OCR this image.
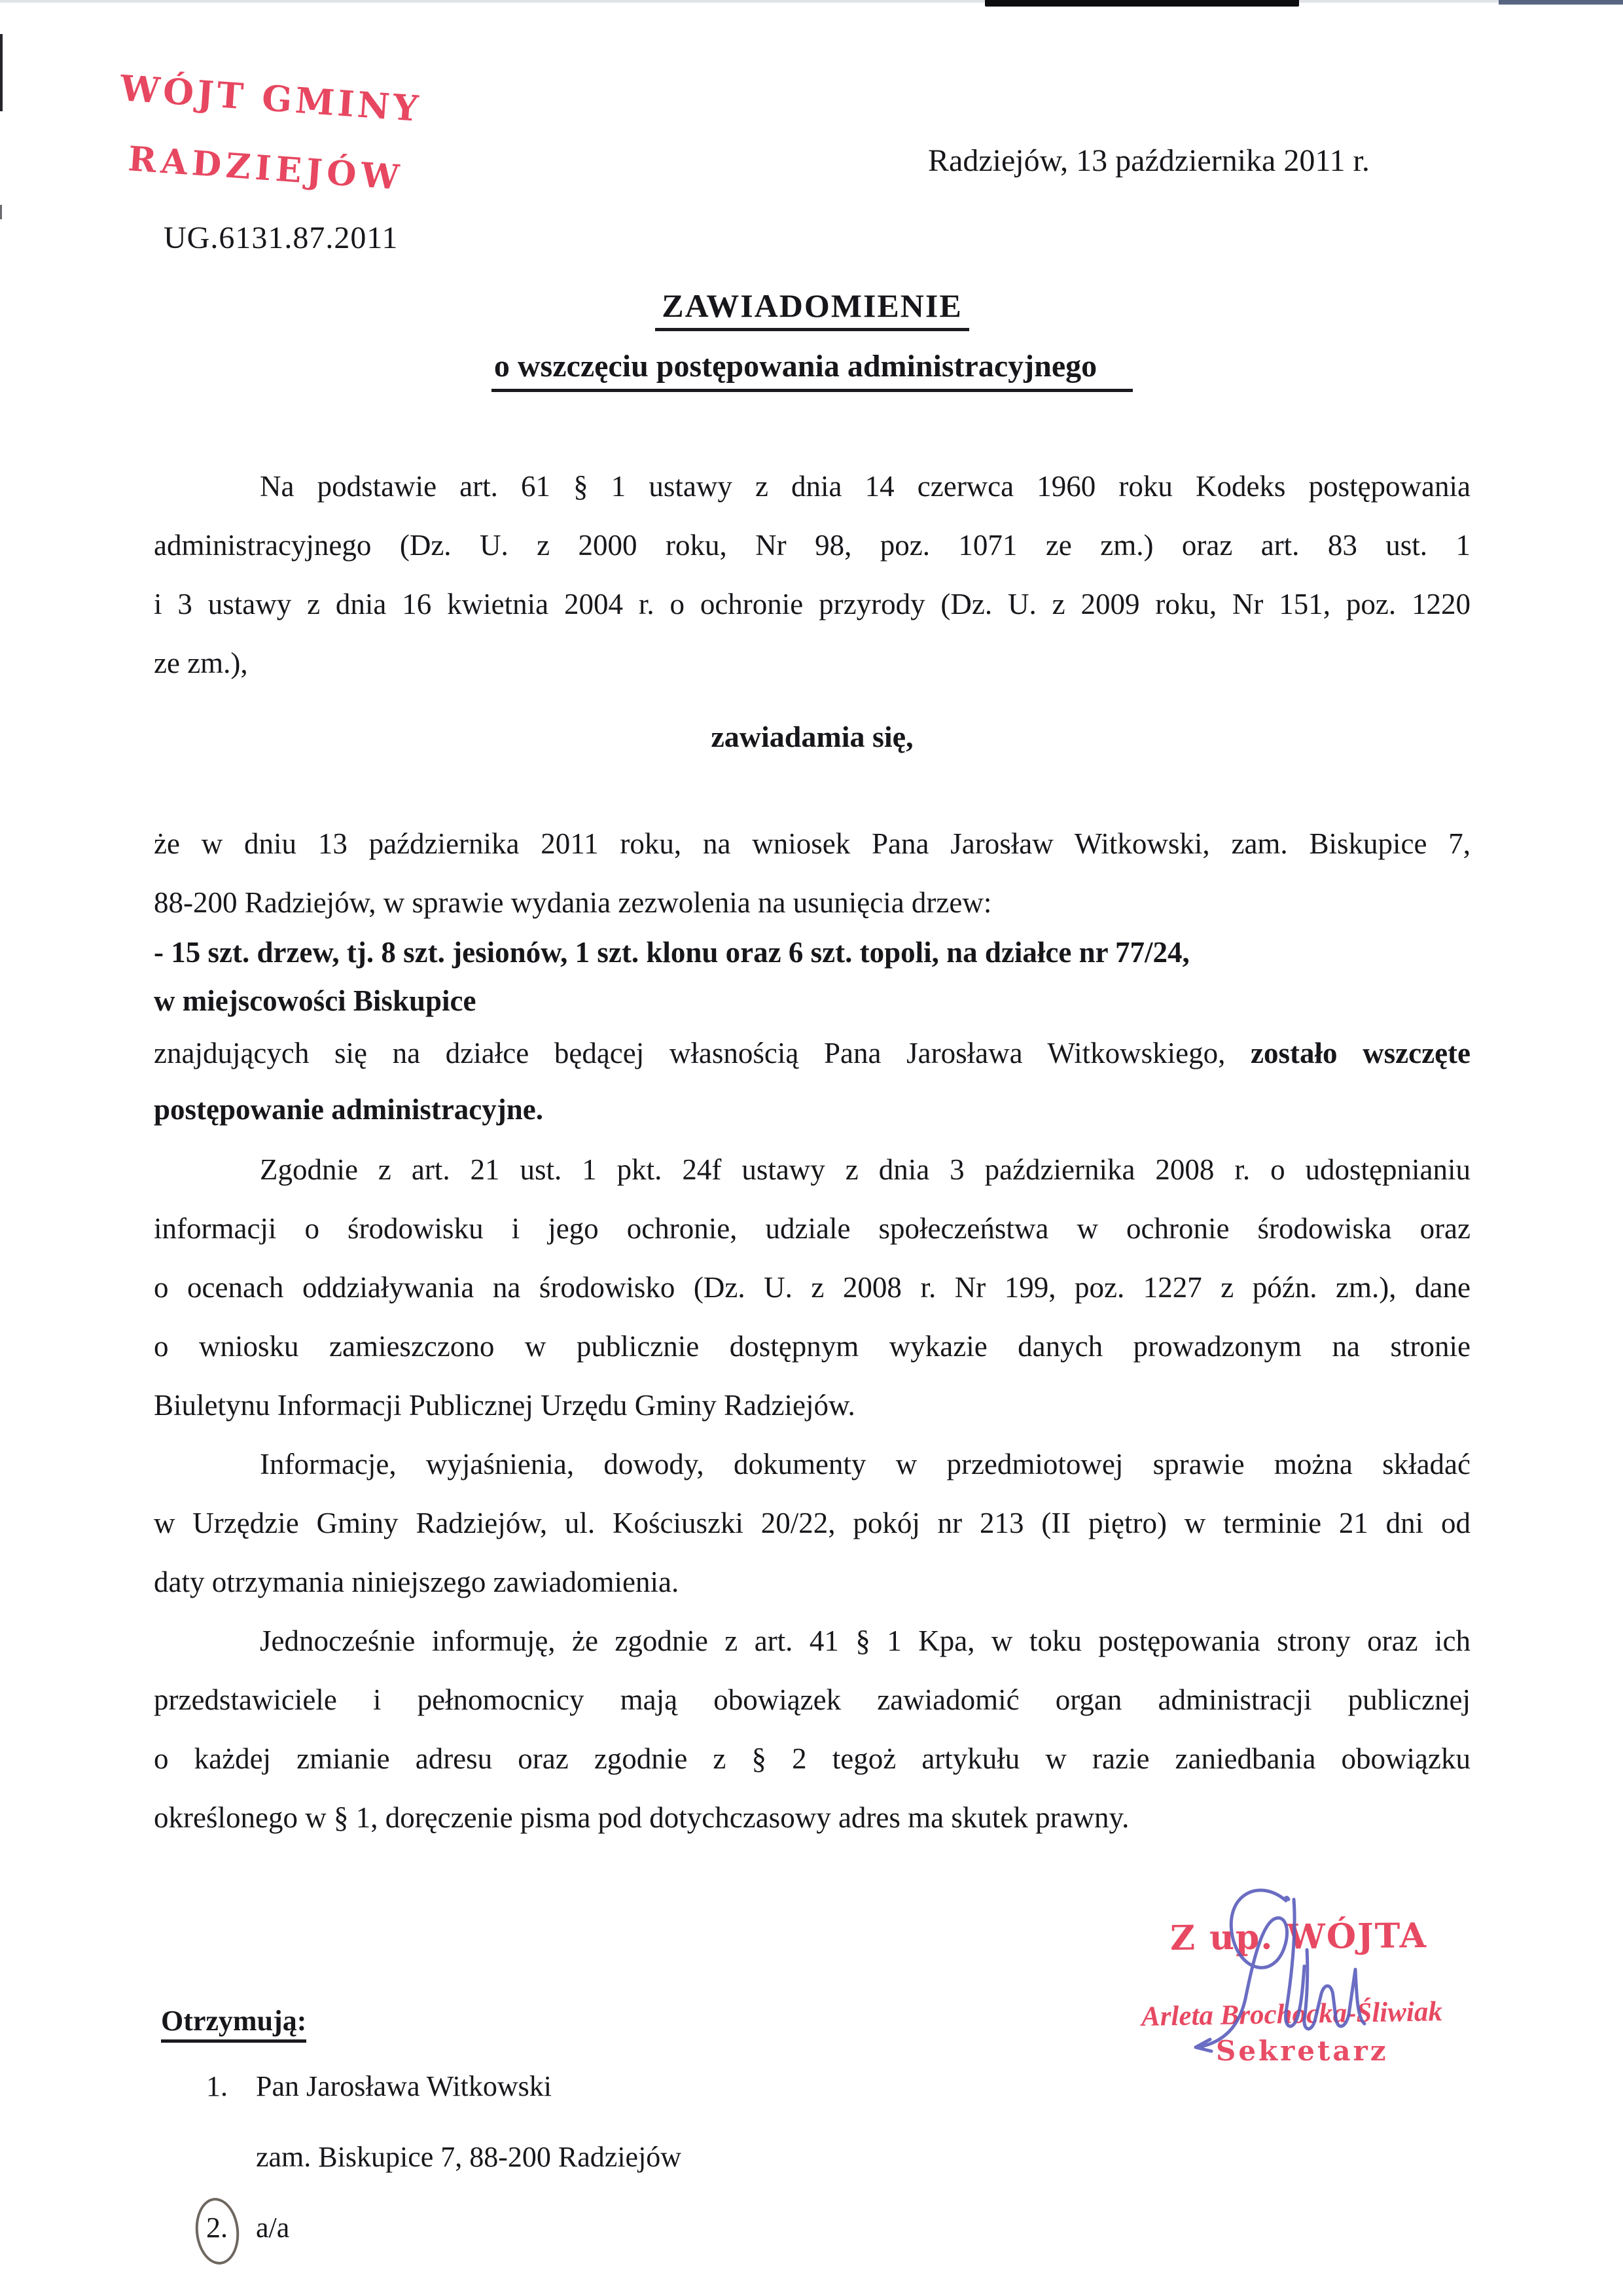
WÓJT GMINY
RADZIEJÓW	Radziejów, 13 października 2011 r.
UG.6131.87.2011
ZAWIADOMIENIE
o wszczęciu postępowania administracyjnego
Na podstawie art. 61 § 1 ustawy z dnia 14 czerwca 1960 roku Kodeks postępowania
administracyjnego (Dz. U. z 2000 roku, Nr 98, poz. 1071 ze zm.) oraz art. 83 ust. 1
i 3 ustawy z dnia 16 kwietnia 2004 r. o ochronie przyrody (Dz. U. z 2009 roku, Nr 151, poz. 1220
ze zm.),
zawiadamia się,
że w dniu 13 października 2011 roku, na wniosek Pana Jarosław Witkowski, zam. Biskupice 7,
88-200 Radziejów, w sprawie wydania zezwolenia na usunięcia drzew:
- 15 szt. drzew, tj. 8 szt. jesionów, 1 szt. klonu oraz 6 szt. topoli, na działce nr 77/24,
w miejscowości Biskupice
znajdujących się na działce będącej własnością Pana Jarosława Witkowskiego, zostało wszczęte
postępowanie administracyjne.
Zgodnie z art. 21 ust. 1 pkt. 24f ustawy z dnia 3 października 2008 r. o udostępnianiu
informacji o środowisku i jego ochronie, udziale społeczeństwa w ochronie środowiska oraz
o ocenach oddziaływania na środowisko (Dz. U. z 2008 r. Nr 199, poz. 1227 z późn. zm.), dane
o wniosku zamieszczono w publicznie dostępnym wykazie danych prowadzonym na stronie
Biuletynu Informacji Publicznej Urzędu Gminy Radziejów.
Informacje, wyjaśnienia, dowody, dokumenty w przedmiotowej sprawie można składać
w Urzędzie Gminy Radziejów, ul. Kościuszki 20/22, pokój nr 213 (II piętro) w terminie 21 dni od
daty otrzymania niniejszego zawiadomienia.
Jednocześnie informuję, że zgodnie z art. 41 § 1 Kpa, w toku postępowania strony oraz ich
przedstawiciele i pełnomocnicy mają obowiązek zawiadomić organ administracji publicznej
o każdej zmianie adresu oraz zgodnie z § 2 tegoż artykułu w razie zaniedbania obowiązku
określonego w § 1, doręczenie pisma pod dotychczasowy adres ma skutek prawny.
Z up. WÓJTA
Arleta Brochocka-Śliwiak
Sekretarz
Otrzymują:
1. Pan Jarosława Witkowski
zam. Biskupice 7, 88-200 Radziejów
2. a/a
